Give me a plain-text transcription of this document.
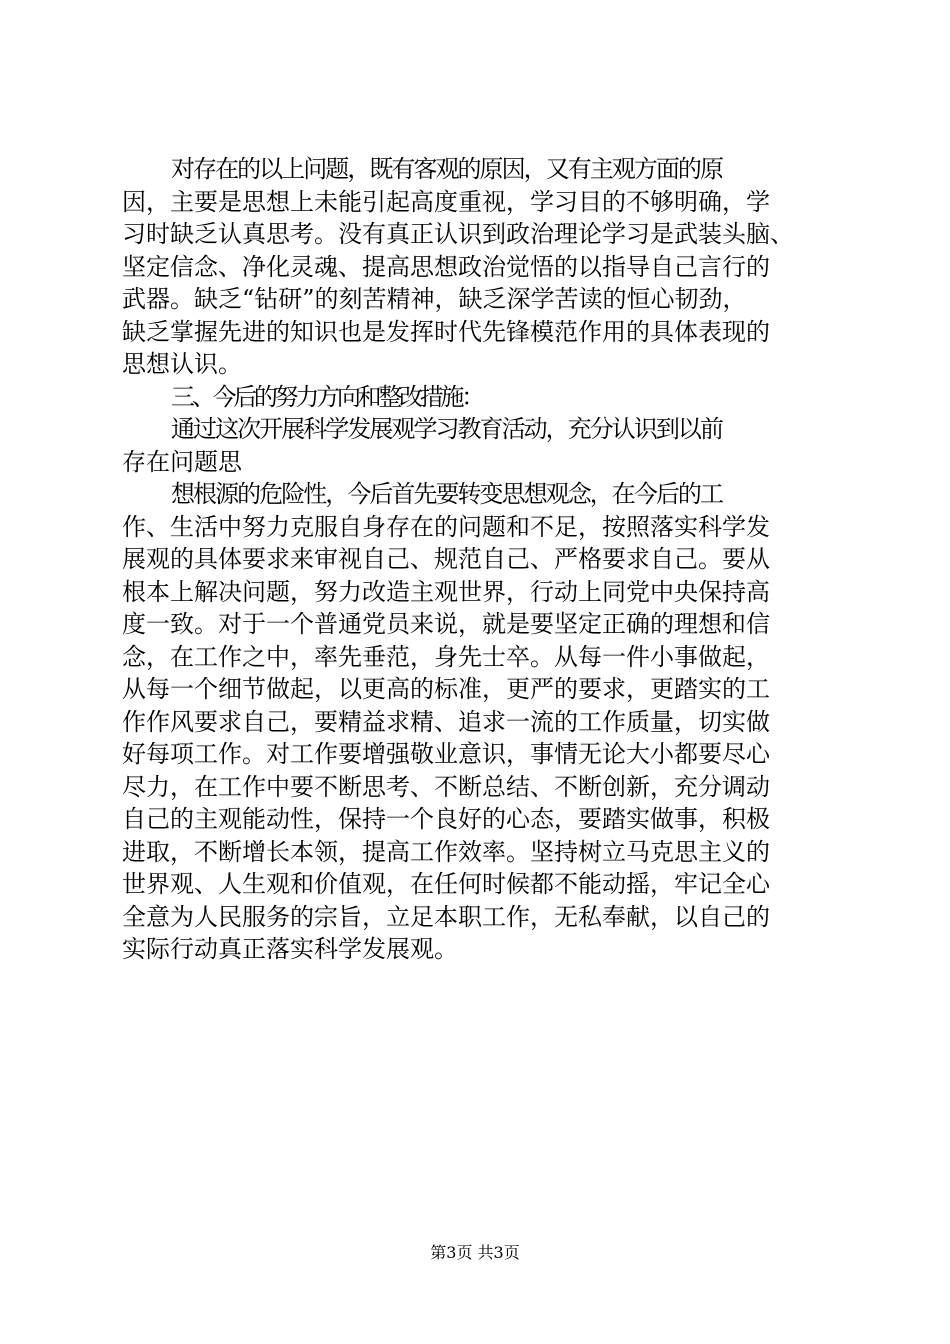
对存在的以上问题，既有客观的原因，又有主观方面的原
因，主要是思想上未能引起高度重视，学习目的不够明确，学
习时缺乏认真思考。没有真正认识到政治理论学习是武装头脑、
坚定信念、净化灵魂、提高思想政治觉悟的以指导自己言行的
武器。缺乏“钻研”的刻苦精神，缺乏深学苦读的恒心韧劲，
缺乏掌握先进的知识也是发挥时代先锋模范作用的具体表现的
思想认识。
三、今后的努力方向和整改措施：
通过这次开展科学发展观学习教育活动，充分认识到以前
存在问题思
想根源的危险性，今后首先要转变思想观念，在今后的工
作、生活中努力克服自身存在的问题和不足，按照落实科学发
展观的具体要求来审视自己、规范自己、严格要求自己。要从
根本上解决问题，努力改造主观世界，行动上同党中央保持高
度一致。对于一个普通党员来说，就是要坚定正确的理想和信
念，在工作之中，率先垂范，身先士卒。从每一件小事做起，
从每一个细节做起，以更高的标准，更严的要求，更踏实的工
作作风要求自己，要精益求精、追求一流的工作质量，切实做
好每项工作。对工作要增强敬业意识，事情无论大小都要尽心
尽力，在工作中要不断思考、不断总结、不断创新，充分调动
自己的主观能动性，保持一个良好的心态，要踏实做事，积极
进取，不断增长本领，提高工作效率。坚持树立马克思主义的
世界观、人生观和价值观，在任何时候都不能动摇，牢记全心
全意为人民服务的宗旨，立足本职工作，无私奉献，以自己的
实际行动真正落实科学发展观。
第3页 共3页
